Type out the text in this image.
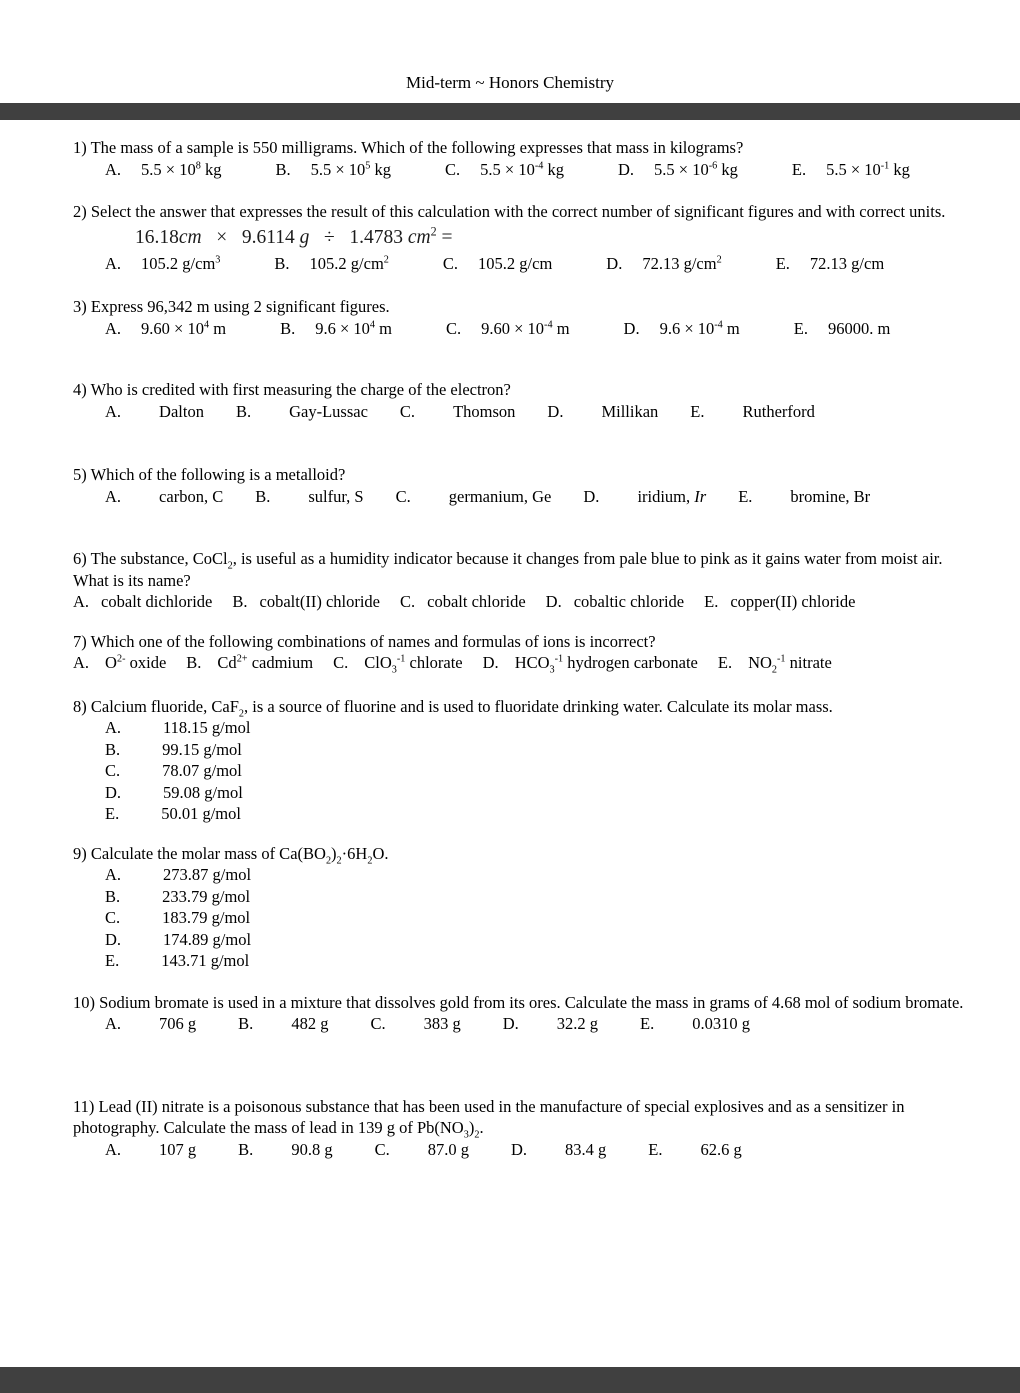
Mid-term ~ Honors Chemistry

1) The mass of a sample is 550 milligrams. Which of the following expresses that mass in kilograms?

A. $5.5 \times 10^8$ kg	B. $5.5 \times 10^5$ kg	C. $5.5 \times 10^{-4}$ kg	D. $5.5 \times 10^{-6}$ kg	E. $5.5 \times 10^{-1}$ kg

2) Select the answer that expresses the result of this calculation with the correct number of significant figures and with correct units.

16.18cm   ×   9.6114 g   ÷   1.4783 $cm^2$ =
A. 105.2 $g/cm^3$	B. 105.2 $g/cm^2$	C. 105.2 g/cm	D. 72.13 $g/cm^2$	E. 72.13 g/cm

3) Express 96,342 m using 2 significant figures.

A. $9.60 \times 10^4$ m	B. $9.6 \times 10^4$ m	C. $9.60 \times 10^{-4}$ m	D. $9.6 \times 10^{-4}$ m	E. 96000. m

4) Who is credited with first measuring the charge of the electron?

A. Dalton B. Gay-Lussac C. Thomson D. Millikan E. Rutherford

5) Which of the following is a metalloid?

A. carbon, C B. sulfur, S C. germanium, Ge D. iridium, Ir E. bromine, Br

6) The substance, CoCl$_2$, is useful as a humidity indicator because it changes from pale blue to pink as it gains water from moist air. What is its name?

A. cobalt dichloride B. cobalt(II) chloride C. cobalt chloride D. cobaltic chloride E. copper(II) chloride

7) Which one of the following combinations of names and formulas of ions is incorrect?

A. $O^{2-}$ oxide B. $Cd^{2+}$ cadmium C. ClO$_3^{-1}$ chlorate D. $HCO_3^{-1}$ hydrogen carbonate E. $NO_2^{-1}$ nitrate

8) Calcium fluoride, CaF$_2$, is a source of fluorine and is used to fluoridate drinking water. Calculate its molar mass.

A.	118.15 g/mol
B.	99.15 g/mol
C.	78.07 g/mol
D.	59.08 g/mol
E.	50.01 g/mol

9) Calculate the molar mass of $Ca(BO_2)_2\cdot 6H_2O$.

A.	273.87 g/mol
B.	233.79 g/mol
C.	183.79 g/mol
D.	174.89 g/mol
E.	143.71 g/mol

10) Sodium bromate is used in a mixture that dissolves gold from its ores. Calculate the mass in grams of 4.68 mol of sodium bromate.

A. 706 g	B. 482 g	C. 383 g	D. 32.2 g	E. 0.0310 g

11) Lead (II) nitrate is a poisonous substance that has been used in the manufacture of special explosives and as a sensitizer in photography. Calculate the mass of lead in 139 g of $Pb(NO_3)_2$.

A. 107 g	B. 90.8 g	C. 87.0 g	D. 83.4 g	E. 62.6 g
